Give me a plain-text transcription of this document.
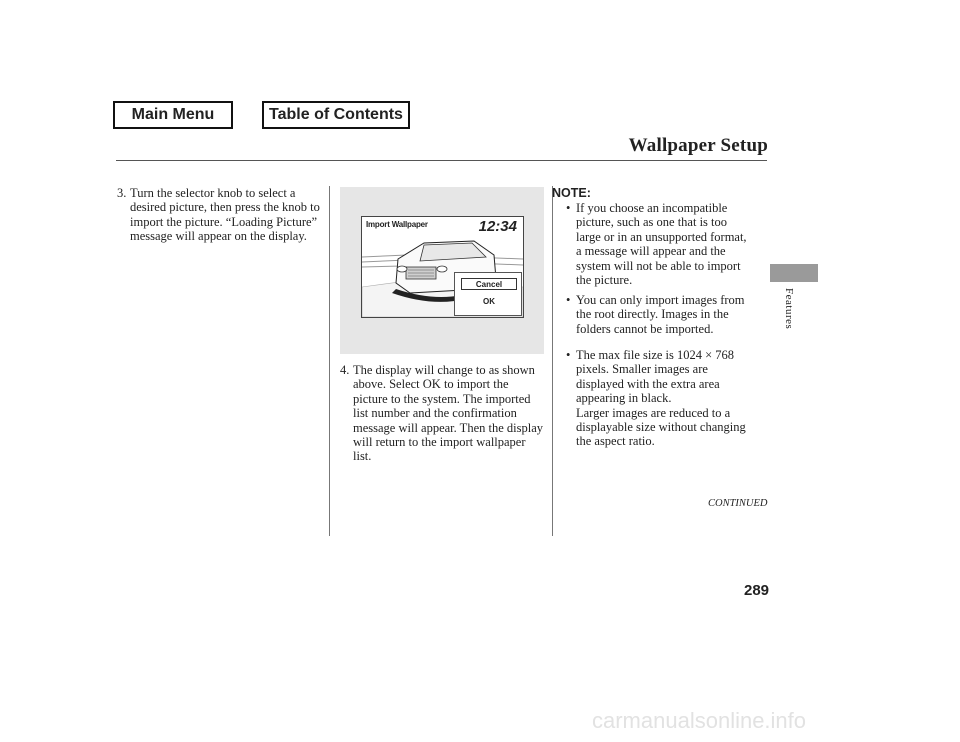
Main Menu	Table of Contents
Wallpaper Setup
Features
3. Turn the selector knob to select a desired picture, then press the knob to import the picture. “Loading Picture” message will appear on the display.
Import Wallpaper	12:34
Cancel
OK
4. The display will change to as shown above. Select OK to import the picture to the system. The imported list number and the confirmation message will appear. Then the display will return to the import wallpaper list.
NOTE:
• If you choose an incompatible
picture, such as one that is too
large or in an unsupported format,
a message will appear and the
system will not be able to import
the picture.
• You can only import images from
the root directly. Images in the
folders cannot be imported.
• The max file size is 1024 × 768
pixels. Smaller images are
displayed with the extra area
appearing in black.
Larger images are reduced to a
displayable size without changing
the aspect ratio.
CONTINUED
289
carmanualsonline.info
